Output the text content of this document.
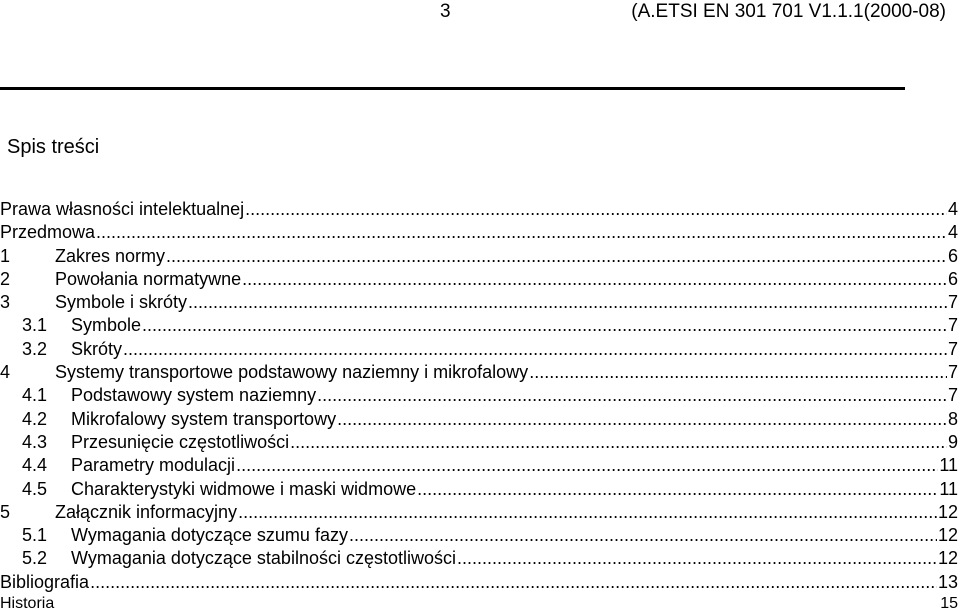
3	(A.ETSI EN 301 701 V1.1.1(2000-08)
Spis treści
Prawa własności intelektualnej .....	4
Przedmowa .....	4
1	Zakres normy .....	6
2	Powołania normatywne .....	6
3	Symbole i skróty .....	7
3.1	Symbole .....	7
3.2	Skróty .....	7
4	Systemy transportowe podstawowy naziemny i mikrofalowy .....	7
4.1	Podstawowy system naziemny .....	7
4.2	Mikrofalowy system transportowy .....	8
4.3	Przesunięcie częstotliwości .....	9
4.4	Parametry modulacji .....	11
4.5	Charakterystyki widmowe i maski widmowe .....	11
5	Załącznik informacyjny .....	12
5.1	Wymagania dotyczące szumu fazy .....	12
5.2	Wymagania dotyczące stabilności częstotliwości .....	12
Bibliografia .....	13
Historia	15
